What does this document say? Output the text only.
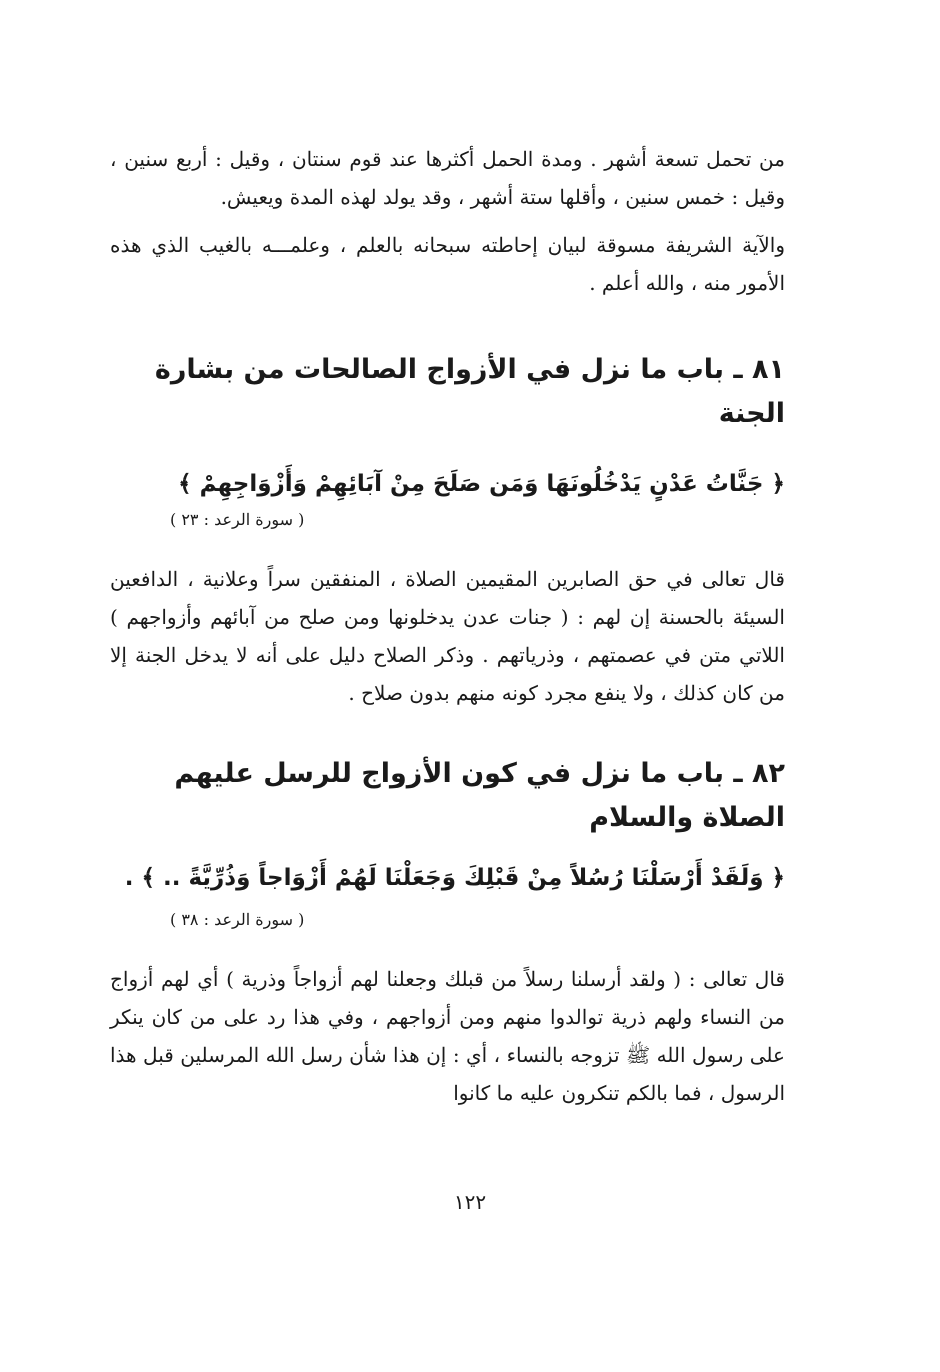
من تحمل تسعة أشهر . ومدة الحمل أكثرها عند قوم سنتان ، وقيل : أربع سنين ، وقيل : خمس سنين ، وأقلها ستة أشهر ، وقد يولد لهذه المدة ويعيش.

والآية الشريفة مسوقة لبيان إحاطته سبحانه بالعلم ، وعلمـــه بالغيب الذي هذه الأمور منه ، والله أعلم .

٨١ ـ باب ما نزل في الأزواج الصالحات من بشارة الجنة

﴿ جَنَّاتُ عَدْنٍ يَدْخُلُونَهَا وَمَن صَلَحَ مِنْ آبَائِهِمْ وَأَزْوَاجِهِمْ ﴾

( سورة الرعد : ٢٣ )

قال تعالى في حق الصابرين المقيمين الصلاة ، المنفقين سراً وعلانية ، الدافعين السيئة بالحسنة إن لهم : ( جنات عدن يدخلونها ومن صلح من آبائهم وأزواجهم ) اللاتي متن في عصمتهم ، وذرياتهم . وذكر الصلاح دليل على أنه لا يدخل الجنة إلا من كان كذلك ، ولا ينفع مجرد كونه منهم بدون صلاح .

٨٢ ـ باب ما نزل في كون الأزواج للرسل عليهم الصلاة والسلام

﴿ وَلَقَدْ أَرْسَلْنَا رُسُلاً مِنْ قَبْلِكَ وَجَعَلْنَا لَهُمْ أَزْوَاجاً وَذُرِّيَّةً .. ﴾ .

( سورة الرعد : ٣٨ )

قال تعالى : ( ولقد أرسلنا رسلاً من قبلك وجعلنا لهم أزواجاً وذرية ) أي لهم أزواج من النساء ولهم ذرية توالدوا منهم ومن أزواجهم ، وفي هذا رد على من كان ينكر على رسول الله ﷺ تزوجه بالنساء ، أي : إن هذا شأن رسل الله المرسلين قبل هذا الرسول ، فما بالكم تنكرون عليه ما كانوا

١٢٢
